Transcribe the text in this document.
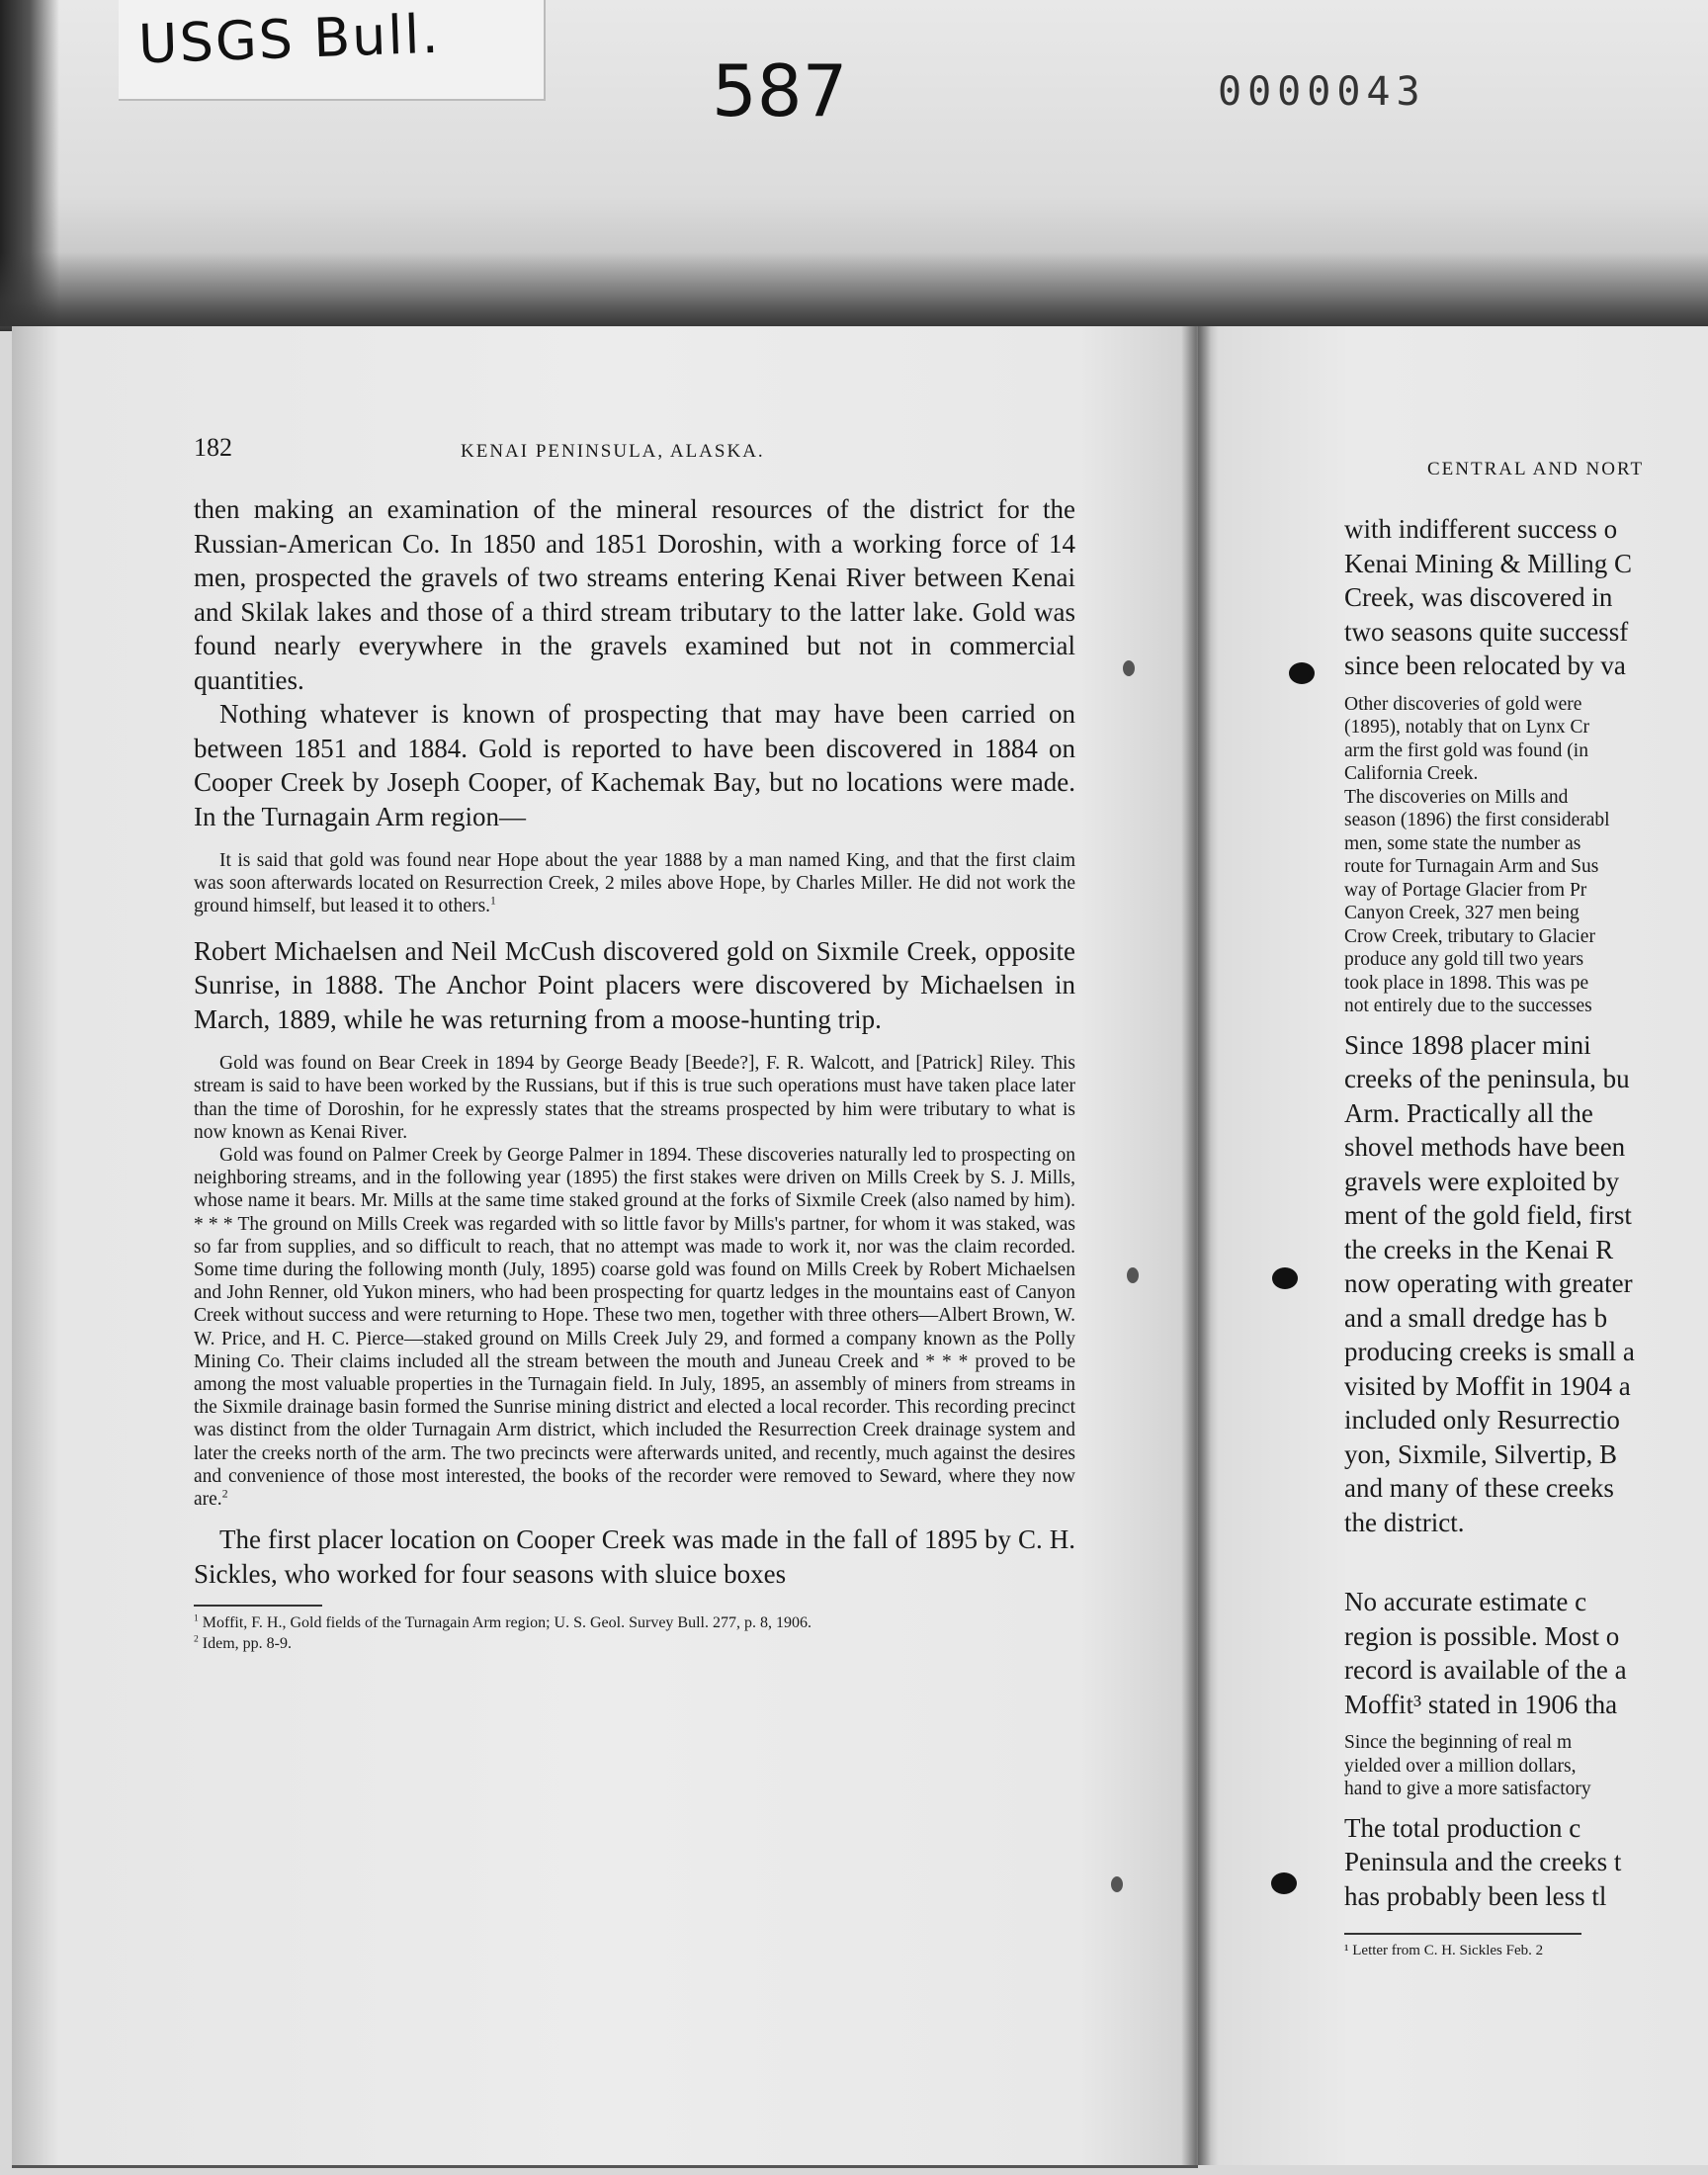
USGS Bull.
587	0000043
182	KENAI PENINSULA, ALASKA.
CENTRAL AND NORT

then making an examination of the mineral resources of the district for the Russian-American Co. In 1850 and 1851 Doroshin, with a working force of 14 men, prospected the gravels of two streams entering Kenai River between Kenai and Skilak lakes and those of a third stream tributary to the latter lake. Gold was found nearly everywhere in the gravels examined but not in commercial quantities.

Nothing whatever is known of prospecting that may have been carried on between 1851 and 1884. Gold is reported to have been discovered in 1884 on Cooper Creek by Joseph Cooper, of Kachemak Bay, but no locations were made. In the Turnagain Arm region—

It is said that gold was found near Hope about the year 1888 by a man named King, and that the first claim was soon afterwards located on Resurrection Creek, 2 miles above Hope, by Charles Miller. He did not work the ground himself, but leased it to others.$^1$

Robert Michaelsen and Neil McCush discovered gold on Sixmile Creek, opposite Sunrise, in 1888. The Anchor Point placers were discovered by Michaelsen in March, 1889, while he was returning from a moose-hunting trip.

Gold was found on Bear Creek in 1894 by George Beady [Beede?], F. R. Walcott, and [Patrick] Riley. This stream is said to have been worked by the Russians, but if this is true such operations must have taken place later than the time of Doroshin, for he expressly states that the streams prospected by him were tributary to what is now known as Kenai River.

Gold was found on Palmer Creek by George Palmer in 1894. These discoveries naturally led to prospecting on neighboring streams, and in the following year (1895) the first stakes were driven on Mills Creek by S. J. Mills, whose name it bears. Mr. Mills at the same time staked ground at the forks of Sixmile Creek (also named by him). * * * The ground on Mills Creek was regarded with so little favor by Mills's partner, for whom it was staked, was so far from supplies, and so difficult to reach, that no attempt was made to work it, nor was the claim recorded. Some time during the following month (July, 1895) coarse gold was found on Mills Creek by Robert Michaelsen and John Renner, old Yukon miners, who had been prospecting for quartz ledges in the mountains east of Canyon Creek without success and were returning to Hope. These two men, together with three others—Albert Brown, W. W. Price, and H. C. Pierce—staked ground on Mills Creek July 29, and formed a company known as the Polly Mining Co. Their claims included all the stream between the mouth and Juneau Creek and * * * proved to be among the most valuable properties in the Turnagain field. In July, 1895, an assembly of miners from streams in the Sixmile drainage basin formed the Sunrise mining district and elected a local recorder. This recording precinct was distinct from the older Turnagain Arm district, which included the Resurrection Creek drainage system and later the creeks north of the arm. The two precincts were afterwards united, and recently, much against the desires and convenience of those most interested, the books of the recorder were removed to Seward, where they now are.$^2$

The first placer location on Cooper Creek was made in the fall of 1895 by C. H. Sickles, who worked for four seasons with sluice boxes

$^1$ Moffit, F. H., Gold fields of the Turnagain Arm region; U. S. Geol. Survey Bull. 277, p. 8, 1906.

$^2$ Idem, pp. 8-9.

with indifferent success o

Kenai Mining & Milling C

Creek, was discovered in

two seasons quite successf

since been relocated by va

Other discoveries of gold were

(1895), notably that on Lynx Cr

arm the first gold was found (in

California Creek.

The discoveries on Mills and

season (1896) the first considerabl

men, some state the number as

route for Turnagain Arm and Sus

way of Portage Glacier from Pr

Canyon Creek, 327 men being

Crow Creek, tributary to Glacier

produce any gold till two years

took place in 1898. This was pe

not entirely due to the successes

Since 1898 placer mini

creeks of the peninsula, bu

Arm. Practically all the

shovel methods have been

gravels were exploited by

ment of the gold field, first

the creeks in the Kenai R

now operating with greater

and a small dredge has b

producing creeks is small a

visited by Moffit in 1904 a

included only Resurrectio

yon, Sixmile, Silvertip, B

and many of these creeks

the district.

No accurate estimate c

region is possible. Most o

record is available of the a

Moffit³ stated in 1906 tha

Since the beginning of real m

yielded over a million dollars,

hand to give a more satisfactory

The total production c

Peninsula and the creeks t

has probably been less tl

¹ Letter from C. H. Sickles Feb. 2
